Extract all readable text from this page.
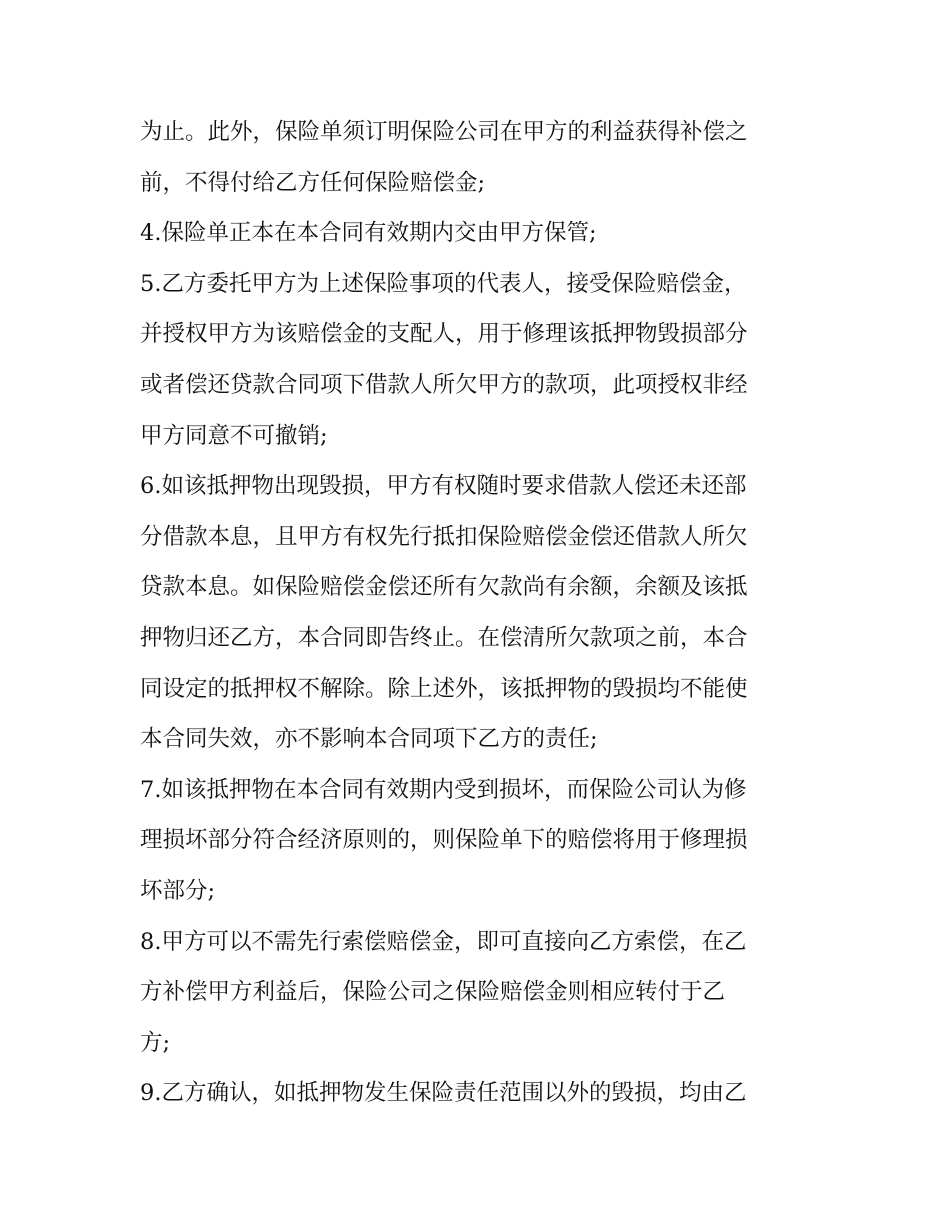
为止。此外，保险单须订明保险公司在甲方的利益获得补偿之
前，不得付给乙方任何保险赔偿金;
4.保险单正本在本合同有效期内交由甲方保管;
5.乙方委托甲方为上述保险事项的代表人，接受保险赔偿金，
并授权甲方为该赔偿金的支配人，用于修理该抵押物毁损部分
或者偿还贷款合同项下借款人所欠甲方的款项，此项授权非经
甲方同意不可撤销;
6.如该抵押物出现毁损，甲方有权随时要求借款人偿还未还部
分借款本息，且甲方有权先行抵扣保险赔偿金偿还借款人所欠
贷款本息。如保险赔偿金偿还所有欠款尚有余额，余额及该抵
押物归还乙方，本合同即告终止。在偿清所欠款项之前，本合
同设定的抵押权不解除。除上述外，该抵押物的毁损均不能使
本合同失效，亦不影响本合同项下乙方的责任;
7.如该抵押物在本合同有效期内受到损坏，而保险公司认为修
理损坏部分符合经济原则的，则保险单下的赔偿将用于修理损
坏部分;
8.甲方可以不需先行索偿赔偿金，即可直接向乙方索偿，在乙
方补偿甲方利益后，保险公司之保险赔偿金则相应转付于乙
方;
9.乙方确认，如抵押物发生保险责任范围以外的毁损，均由乙
